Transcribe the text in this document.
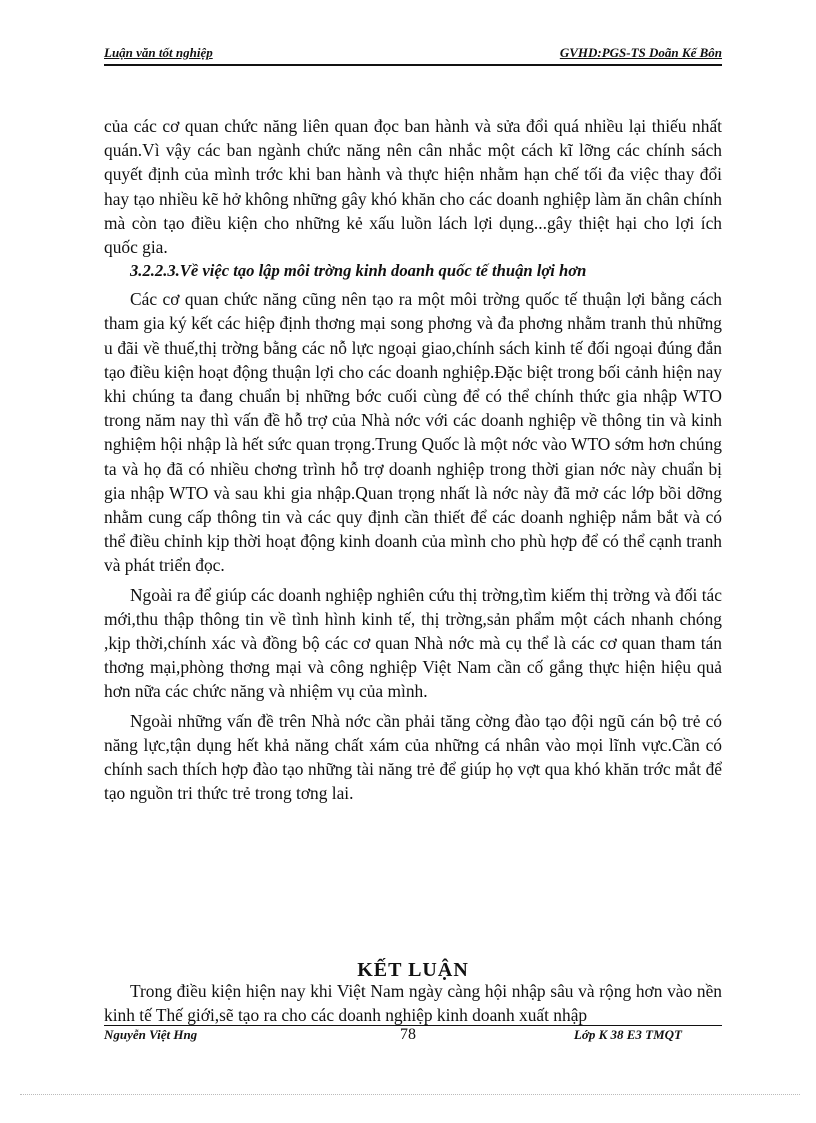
Luận văn tốt nghiệp	GVHD:PGS-TS Doãn Kế Bôn

của các cơ quan chức năng liên quan đọc ban hành và sửa đổi quá nhiều lại thiếu nhất quán.Vì vậy các ban ngành chức năng nên cân nhắc một cách kĩ lỡng các chính sách quyết định của mình trớc khi ban hành và thực hiện nhằm hạn chế tối đa việc thay đổi hay tạo nhiều kẽ hở không những gây khó khăn cho các doanh nghiệp làm ăn chân chính mà còn tạo điều kiện cho những kẻ xấu luồn lách lợi dụng...gây thiệt hại cho lợi ích quốc gia.

3.2.2.3.Về việc tạo lập môi trờng kinh doanh quốc tế thuận lợi hơn

Các cơ quan chức năng cũng nên tạo ra một môi trờng quốc tế thuận lợi bằng cách tham gia ký kết các hiệp định thơng mại song phơng và đa phơng nhằm tranh thủ những u đãi về thuế,thị trờng bằng các nỗ lực ngoại giao,chính sách kinh tế đối ngoại đúng đắn tạo điều kiện hoạt động thuận lợi cho các doanh nghiệp.Đặc biệt trong bối cảnh hiện nay khi chúng ta đang chuẩn bị những bớc cuối cùng để có thể chính thức gia nhập WTO trong năm nay thì vấn đề hỗ trợ của Nhà nớc với các doanh nghiệp về thông tin và kinh nghiệm hội nhập là hết sức quan trọng.Trung Quốc là một nớc vào WTO sớm hơn chúng ta và họ đã có nhiều chơng trình hỗ trợ doanh nghiệp trong thời gian nớc này chuẩn bị gia nhập WTO và sau khi gia nhập.Quan trọng nhất là nớc này đã mở các lớp bồi dỡng nhằm cung cấp thông tin và các quy định cần thiết để các doanh nghiệp nắm bắt và có thể điều chỉnh kịp thời hoạt động kinh doanh của mình cho phù hợp để có thể cạnh tranh và phát triển đọc.

Ngoài ra để giúp các doanh nghiệp nghiên cứu thị trờng,tìm kiếm thị trờng và đối tác mới,thu thập thông tin về tình hình kinh tế, thị trờng,sản phẩm một cách nhanh chóng ,kịp thời,chính xác và đồng bộ các cơ quan Nhà nớc mà cụ thể là các cơ quan tham tán thơng mại,phòng thơng mại và công nghiệp Việt Nam cần cố gắng thực hiện hiệu quả hơn nữa các chức năng và nhiệm vụ của mình.

Ngoài những vấn đề trên Nhà nớc cần phải tăng cờng đào tạo đội ngũ cán bộ trẻ có năng lực,tận dụng hết khả năng chất xám của những cá nhân vào mọi lĩnh vực.Cần có chính sach thích hợp đào tạo những tài năng trẻ để giúp họ vợt qua khó khăn trớc mắt để tạo nguồn tri thức trẻ trong tơng lai.

KẾT LUẬN

Trong điều kiện hiện nay khi Việt Nam ngày càng hội nhập sâu và rộng hơn vào nền kinh tế Thế giới,sẽ tạo ra cho các doanh nghiệp kinh doanh xuất nhập

Nguyễn Việt Hng	78	Lớp K 38 E3 TMQT
